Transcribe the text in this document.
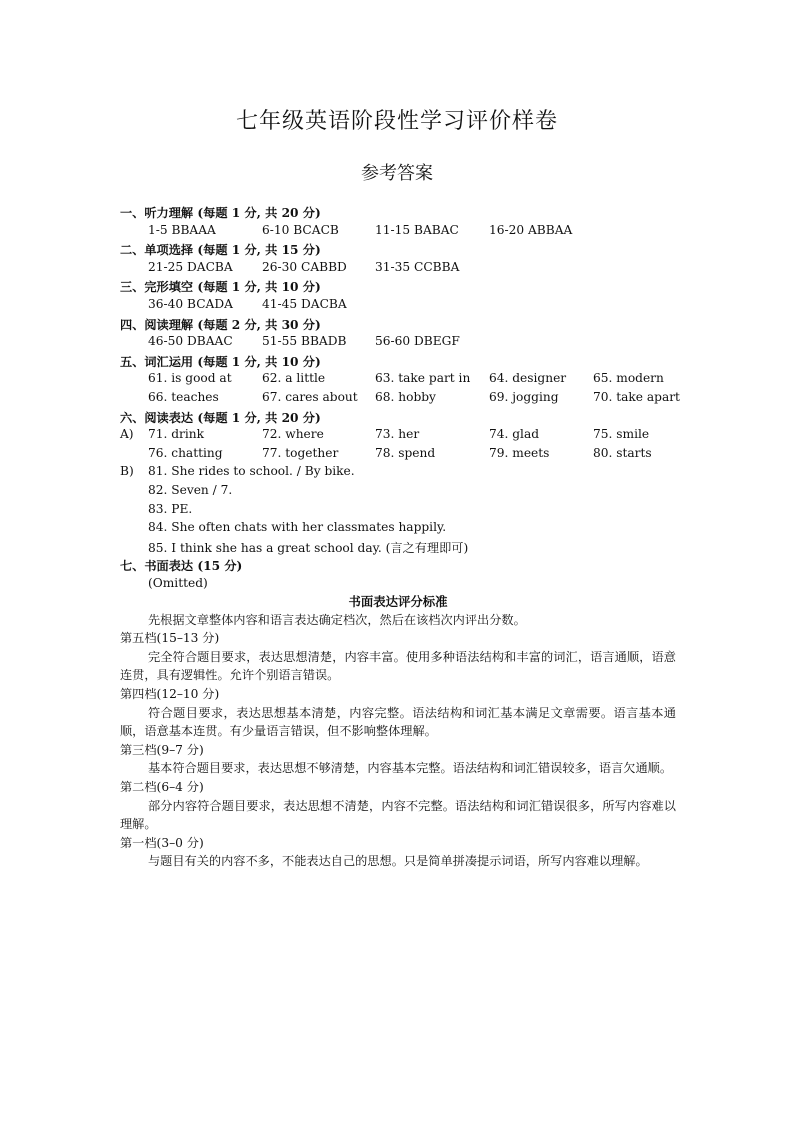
七年级英语阶段性学习评价样卷
参考答案
一、听力理解 (每题 1 分, 共 20 分)
1-5 BBAAA	6-10 BCACB	11-15 BABAC 16-20 ABBAA
二、单项选择 (每题 1 分, 共 15 分)
21-25 DACBA 26-30 CABBD 31-35 CCBBA
三、完形填空 (每题 1 分, 共 10 分)
36-40 BCADA 41-45 DACBA
四、阅读理解 (每题 2 分, 共 30 分)
46-50 DBAAC 51-55 BBADB 56-60 DBEGF
五、词汇运用 (每题 1 分, 共 10 分)
61. is good at 62. a little	63. take part in 64. designer 65. modern
66. teaches	67. cares about 68. hobby	69. jogging	70. take apart
六、阅读表达 (每题 1 分, 共 20 分)
A) 71. drink	72. where	73. her	74. glad	75. smile
76. chatting	77. together	78. spend	79. meets	80. starts
B) 81. She rides to school. / By bike.
82. Seven / 7.
83. PE.
84. She often chats with her classmates happily.
85. I think she has a great school day. (言之有理即可)
七、书面表达 (15 分)
(Omitted)
书面表达评分标准
先根据文章整体内容和语言表达确定档次，然后在该档次内评出分数。
第五档(15–13 分)
完全符合题目要求，表达思想清楚，内容丰富。使用多种语法结构和丰富的词汇，语言通顺，语意连贯，具有逻辑性。允许个别语言错误。
第四档(12–10 分)
符合题目要求，表达思想基本清楚，内容完整。语法结构和词汇基本满足文章需要。语言基本通顺，语意基本连贯。有少量语言错误，但不影响整体理解。
第三档(9–7 分)
基本符合题目要求，表达思想不够清楚，内容基本完整。语法结构和词汇错误较多，语言欠通顺。
第二档(6–4 分)
部分内容符合题目要求，表达思想不清楚，内容不完整。语法结构和词汇错误很多，所写内容难以理解。
第一档(3–0 分)
与题目有关的内容不多，不能表达自己的思想。只是简单拼凑提示词语，所写内容难以理解。
